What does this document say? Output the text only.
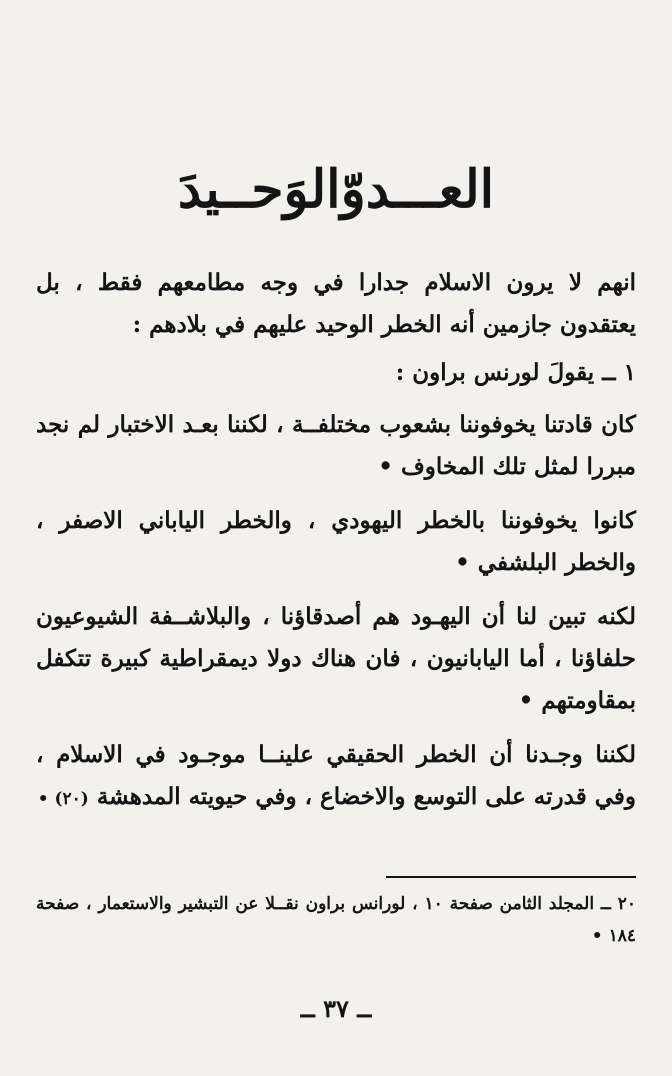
العـــدوّالوَحــيدَ

انهم لا يرون الاسلام جدارا في وجه مطامعهم فقط ، بل يعتقدون جازمين أنه الخطر الوحيد عليهم في بلادهم :

١ ــ يقولَ لورنس براون :

كان قادتنا يخوفوننا بشعوب مختلفــة ، لكننا بعـد الاختبار لم نجد مبررا لمثل تلك المخاوف •

كانوا يخوفوننا بالخطر اليهودي ، والخطر الياباني الاصفر ، والخطر البلشفي •

لكنه تبين لنا أن اليهـود هم أصدقاؤنا ، والبلاشــفة الشيوعيون حلفاؤنا ، أما اليابانيون ، فان هناك دولا ديمقراطية كبيرة تتكفل بمقاومتهم •

لكننا وجـدنا أن الخطر الحقيقي علينــا موجـود في الاسلام ، وفي قدرته على التوسع والاخضاع ، وفي حيويته المدهشة (٢٠) •

٢٠ ــ المجلد الثامن صفحة ١٠ ، لورانس براون نقــلا عن التبشير والاستعمار ، صفحة ١٨٤ •
ــ ٣٧ ــ
